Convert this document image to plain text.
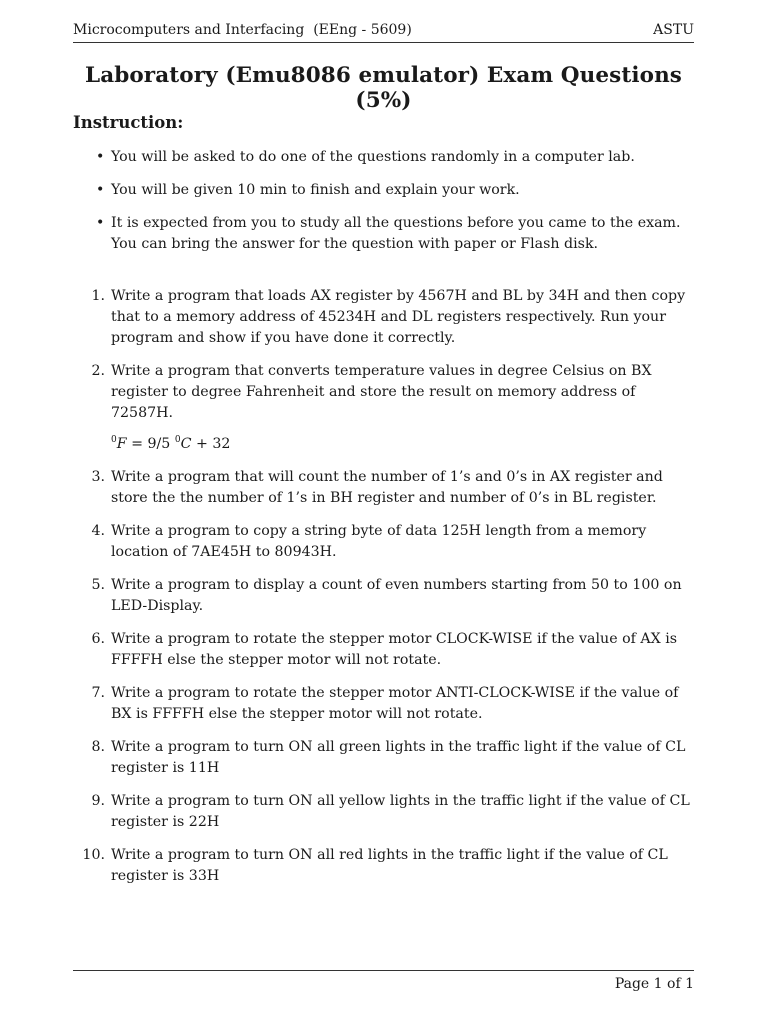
Microcomputers and Interfacing  (EEng - 5609)	ASTU
Laboratory (Emu8086 emulator) Exam Questions (5%)
Instruction:
• You will be asked to do one of the questions randomly in a computer lab.
• You will be given 10 min to finish and explain your work.
• It is expected from you to study all the questions before you came to the exam. You can bring the answer for the question with paper or Flash disk.
1. Write a program that loads AX register by 4567H and BL by 34H and then copy that to a memory address of 45234H and DL registers respectively. Run your program and show if you have done it correctly.
2. Write a program that converts temperature values in degree Celsius on BX register to degree Fahrenheit and store the result on memory address of 72587H.
$^0$F = 9/5 $^0$C + 32
3. Write a program that will count the number of 1’s and 0’s in AX register and store the the number of 1’s in BH register and number of 0’s in BL register.
4. Write a program to copy a string byte of data 125H length from a memory location of 7AE45H to 80943H.
5. Write a program to display a count of even numbers starting from 50 to 100 on LED-Display.
6. Write a program to rotate the stepper motor CLOCK-WISE if the value of AX is FFFFH else the stepper motor will not rotate.
7. Write a program to rotate the stepper motor ANTI-CLOCK-WISE if the value of BX is FFFFH else the stepper motor will not rotate.
8. Write a program to turn ON all green lights in the traffic light if the value of CL register is 11H
9. Write a program to turn ON all yellow lights in the traffic light if the value of CL register is 22H
10. Write a program to turn ON all red lights in the traffic light if the value of CL register is 33H
Page 1 of 1
